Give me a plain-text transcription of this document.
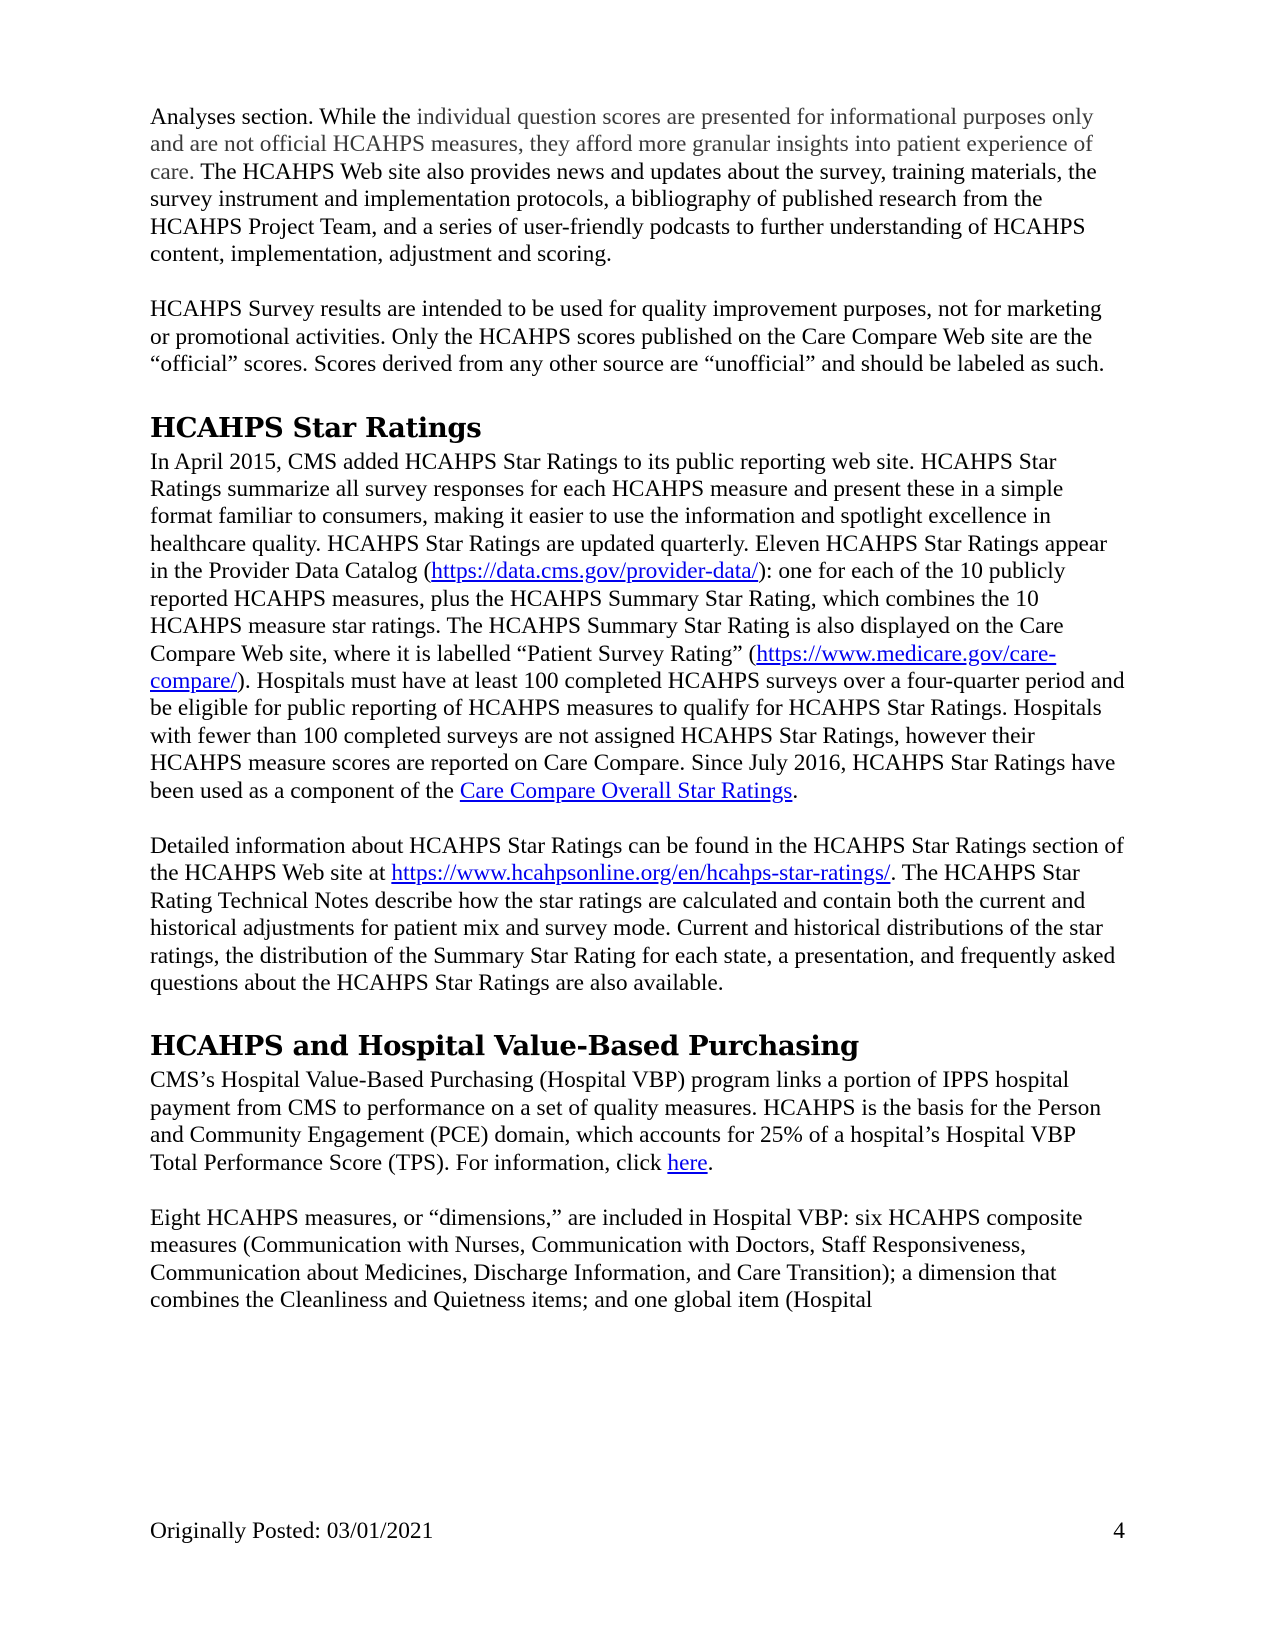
Analyses section. While the individual question scores are presented for informational purposes only and are not official HCAHPS measures, they afford more granular insights into patient experience of care. The HCAHPS Web site also provides news and updates about the survey, training materials, the survey instrument and implementation protocols, a bibliography of published research from the HCAHPS Project Team, and a series of user-friendly podcasts to further understanding of HCAHPS content, implementation, adjustment and scoring.

HCAHPS Survey results are intended to be used for quality improvement purposes, not for marketing or promotional activities. Only the HCAHPS scores published on the Care Compare Web site are the “official” scores. Scores derived from any other source are “unofficial” and should be labeled as such.

HCAHPS Star Ratings

In April 2015, CMS added HCAHPS Star Ratings to its public reporting web site. HCAHPS Star Ratings summarize all survey responses for each HCAHPS measure and present these in a simple format familiar to consumers, making it easier to use the information and spotlight excellence in healthcare quality. HCAHPS Star Ratings are updated quarterly. Eleven HCAHPS Star Ratings appear in the Provider Data Catalog (https://data.cms.gov/provider-data/): one for each of the 10 publicly reported HCAHPS measures, plus the HCAHPS Summary Star Rating, which combines the 10 HCAHPS measure star ratings. The HCAHPS Summary Star Rating is also displayed on the Care Compare Web site, where it is labelled “Patient Survey Rating” (https://www.medicare.gov/care-compare/). Hospitals must have at least 100 completed HCAHPS surveys over a four-quarter period and be eligible for public reporting of HCAHPS measures to qualify for HCAHPS Star Ratings. Hospitals with fewer than 100 completed surveys are not assigned HCAHPS Star Ratings, however their HCAHPS measure scores are reported on Care Compare. Since July 2016, HCAHPS Star Ratings have been used as a component of the Care Compare Overall Star Ratings.

Detailed information about HCAHPS Star Ratings can be found in the HCAHPS Star Ratings section of the HCAHPS Web site at https://www.hcahpsonline.org/en/hcahps-star-ratings/. The HCAHPS Star Rating Technical Notes describe how the star ratings are calculated and contain both the current and historical adjustments for patient mix and survey mode. Current and historical distributions of the star ratings, the distribution of the Summary Star Rating for each state, a presentation, and frequently asked questions about the HCAHPS Star Ratings are also available.

HCAHPS and Hospital Value-Based Purchasing

CMS’s Hospital Value-Based Purchasing (Hospital VBP) program links a portion of IPPS hospital payment from CMS to performance on a set of quality measures. HCAHPS is the basis for the Person and Community Engagement (PCE) domain, which accounts for 25% of a hospital’s Hospital VBP Total Performance Score (TPS). For information, click here.

Eight HCAHPS measures, or “dimensions,” are included in Hospital VBP: six HCAHPS composite measures (Communication with Nurses, Communication with Doctors, Staff Responsiveness, Communication about Medicines, Discharge Information, and Care Transition); a dimension that combines the Cleanliness and Quietness items; and one global item (Hospital

Originally Posted: 03/01/2021	4
